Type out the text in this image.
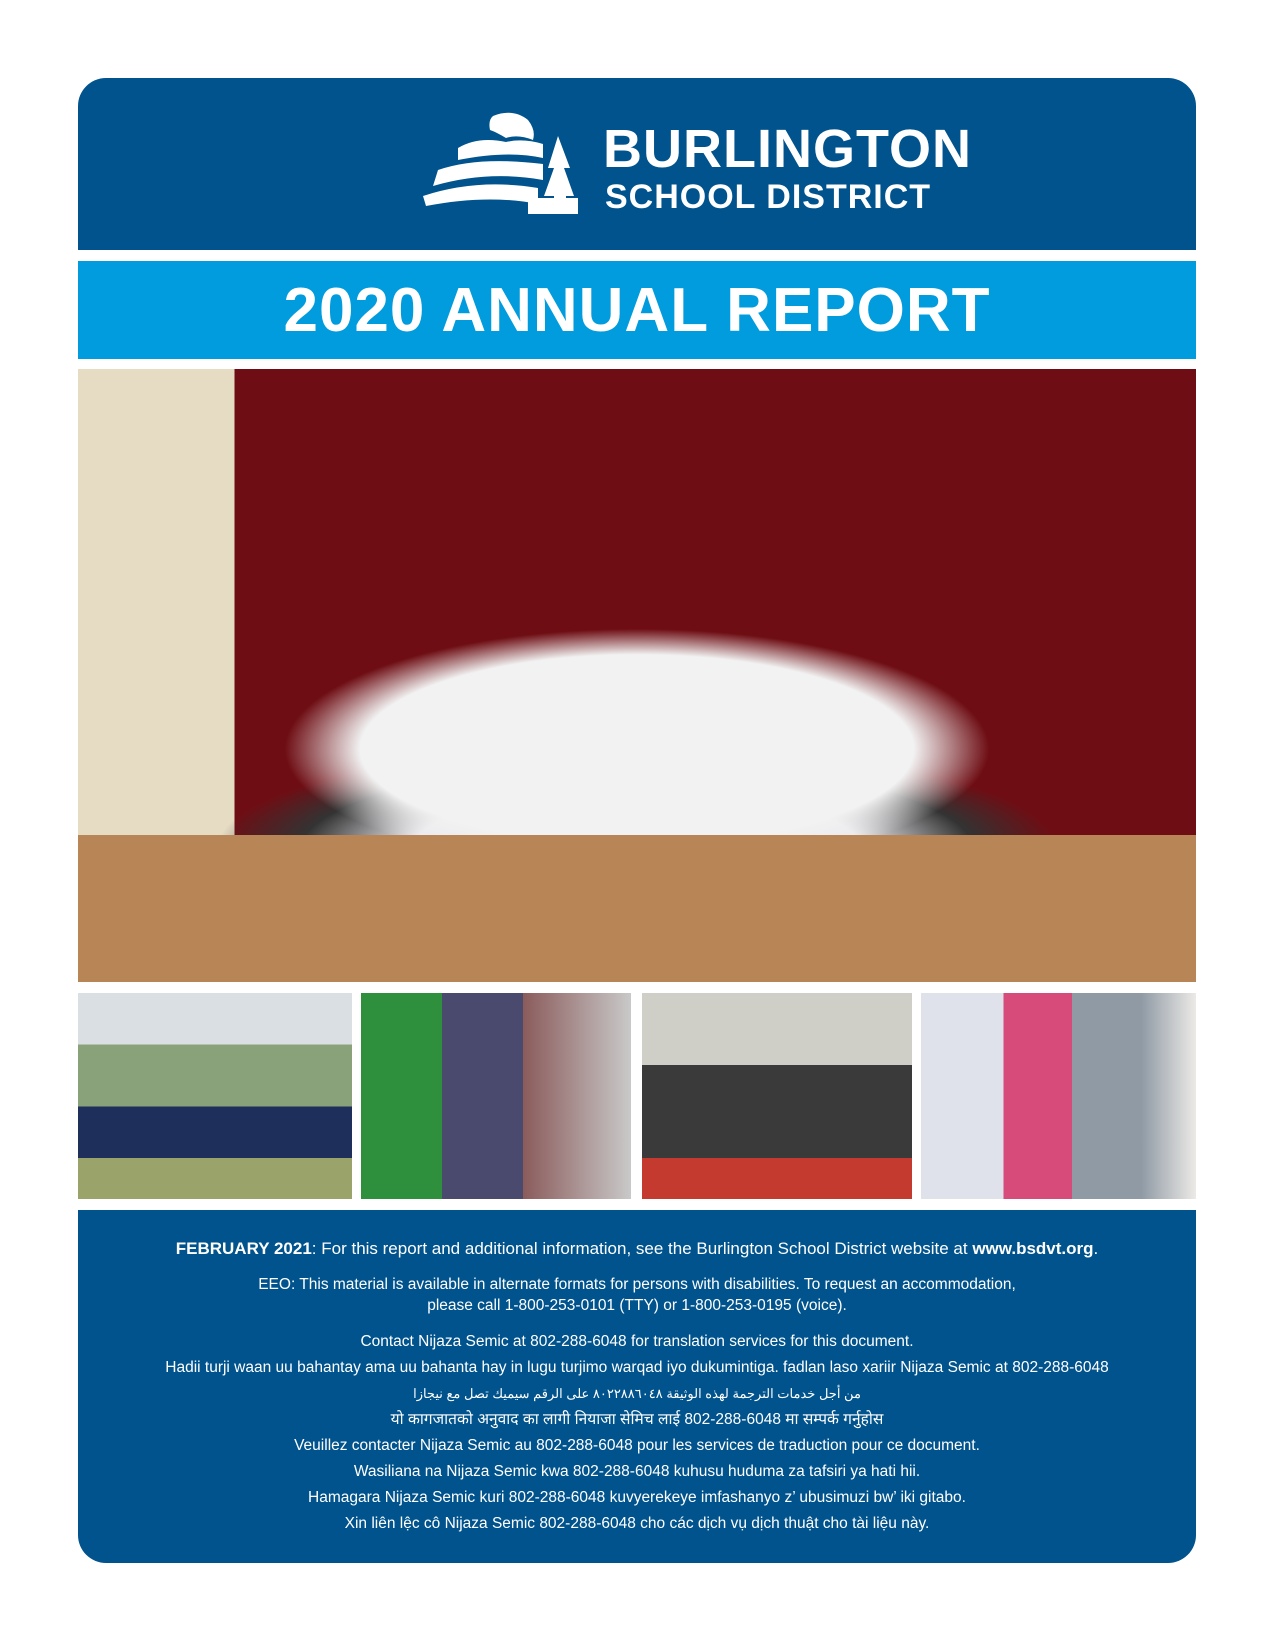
BURLINGTON
SCHOOL DISTRICT
2020 ANNUAL REPORT

FEBRUARY 2021: For this report and additional information, see the Burlington School District website at www.bsdvt.org.

EEO: This material is available in alternate formats for persons with disabilities. To request an accommodation,

please call 1-800-253-0101 (TTY) or 1-800-253-0195 (voice).

Contact Nijaza Semic at 802-288-6048 for translation services for this document.

Hadii turji waan uu bahantay ama uu bahanta hay in lugu turjimo warqad iyo dukumintiga. fadlan laso xariir Nijaza Semic at 802-288-6048

من أجل خدمات الترجمة لهذه الوثيقة ٨٠٢٢٨٨٦٠٤٨ على الرقم سيميك تصل مع نيجازا

यो कागजातको अनुवाद का लागी नियाजा सेमिच लाई 802-288-6048 मा सम्पर्क गर्नुहोस

Veuillez contacter Nijaza Semic au 802-288-6048 pour les services de traduction pour ce document.

Wasiliana na Nijaza Semic kwa 802-288-6048 kuhusu huduma za tafsiri ya hati hii.

Hamagara Nijaza Semic kuri 802-288-6048 kuvyerekeye imfashanyo z’ ubusimuzi bw’ iki gitabo.

Xin liên lệc cô Nijaza Semic 802-288-6048 cho các dịch vụ dịch thuật cho tài liệu này.
